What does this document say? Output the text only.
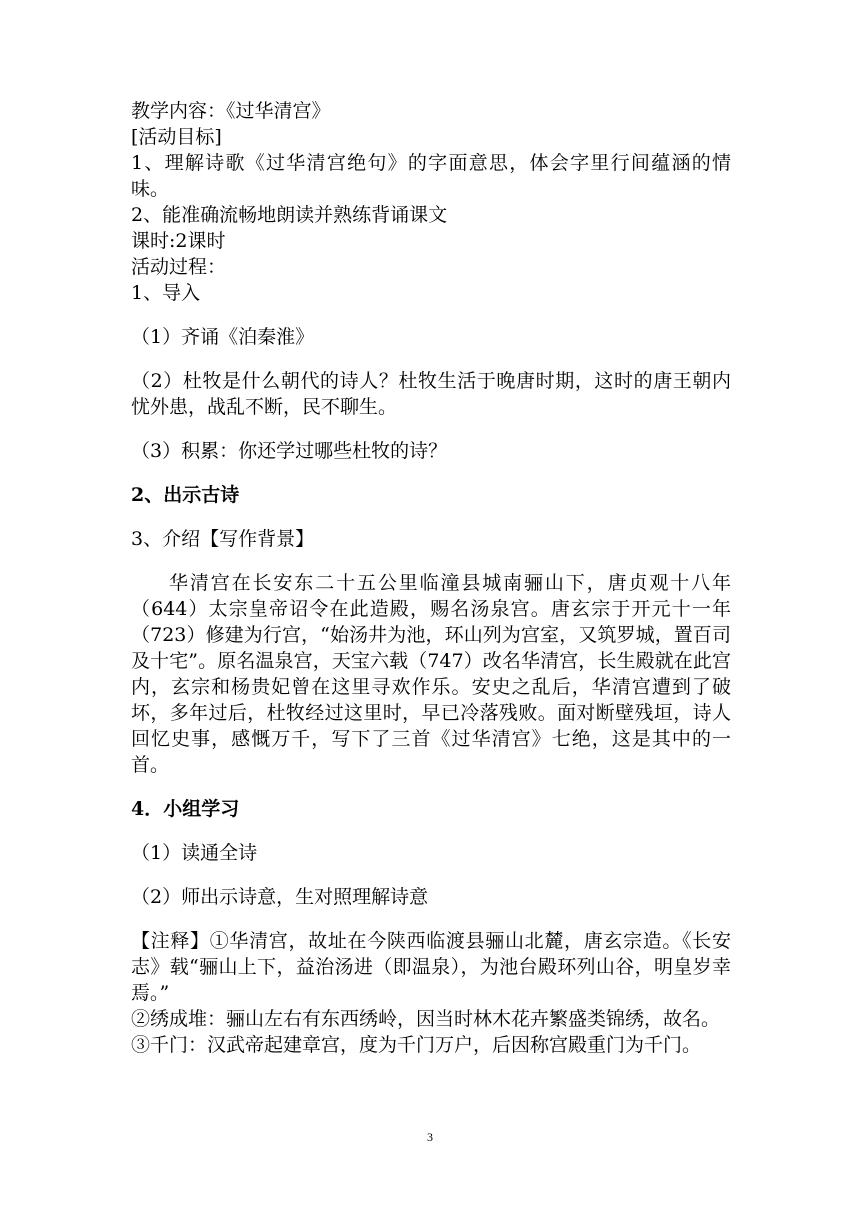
教学内容：《过华清宫》

[活动目标]

1、理解诗歌《过华清宫绝句》的字面意思，体会字里行间蕴涵的情味。

2、能准确流畅地朗读并熟练背诵课文

课时:2课时

活动过程：

1、导入

（1）齐诵《泊秦淮》

（2）杜牧是什么朝代的诗人？杜牧生活于晚唐时期，这时的唐王朝内忧外患，战乱不断，民不聊生。

（3）积累：你还学过哪些杜牧的诗？

2、出示古诗

3、介绍【写作背景】

华清宫在长安东二十五公里临潼县城南骊山下，唐贞观十八年（644）太宗皇帝诏令在此造殿，赐名汤泉宫。唐玄宗于开元十一年（723）修建为行宫，“始汤井为池，环山列为宫室，又筑罗城，置百司及十宅”。原名温泉宫，天宝六载（747）改名华清宫，长生殿就在此宫内，玄宗和杨贵妃曾在这里寻欢作乐。安史之乱后，华清宫遭到了破坏，多年过后，杜牧经过这里时，早已冷落残败。面对断壁残垣，诗人回忆史事，感慨万千，写下了三首《过华清宫》七绝，这是其中的一首。

4．小组学习

（1）读通全诗

（2）师出示诗意，生对照理解诗意

【注释】①华清宫，故址在今陕西临渡县骊山北麓，唐玄宗造。《长安志》载“骊山上下，益治汤进（即温泉），为池台殿环列山谷，明皇岁幸焉。”

②绣成堆：骊山左右有东西绣岭，因当时林木花卉繁盛类锦绣，故名。

③千门：汉武帝起建章宫，度为千门万户，后因称宫殿重门为千门。

3
